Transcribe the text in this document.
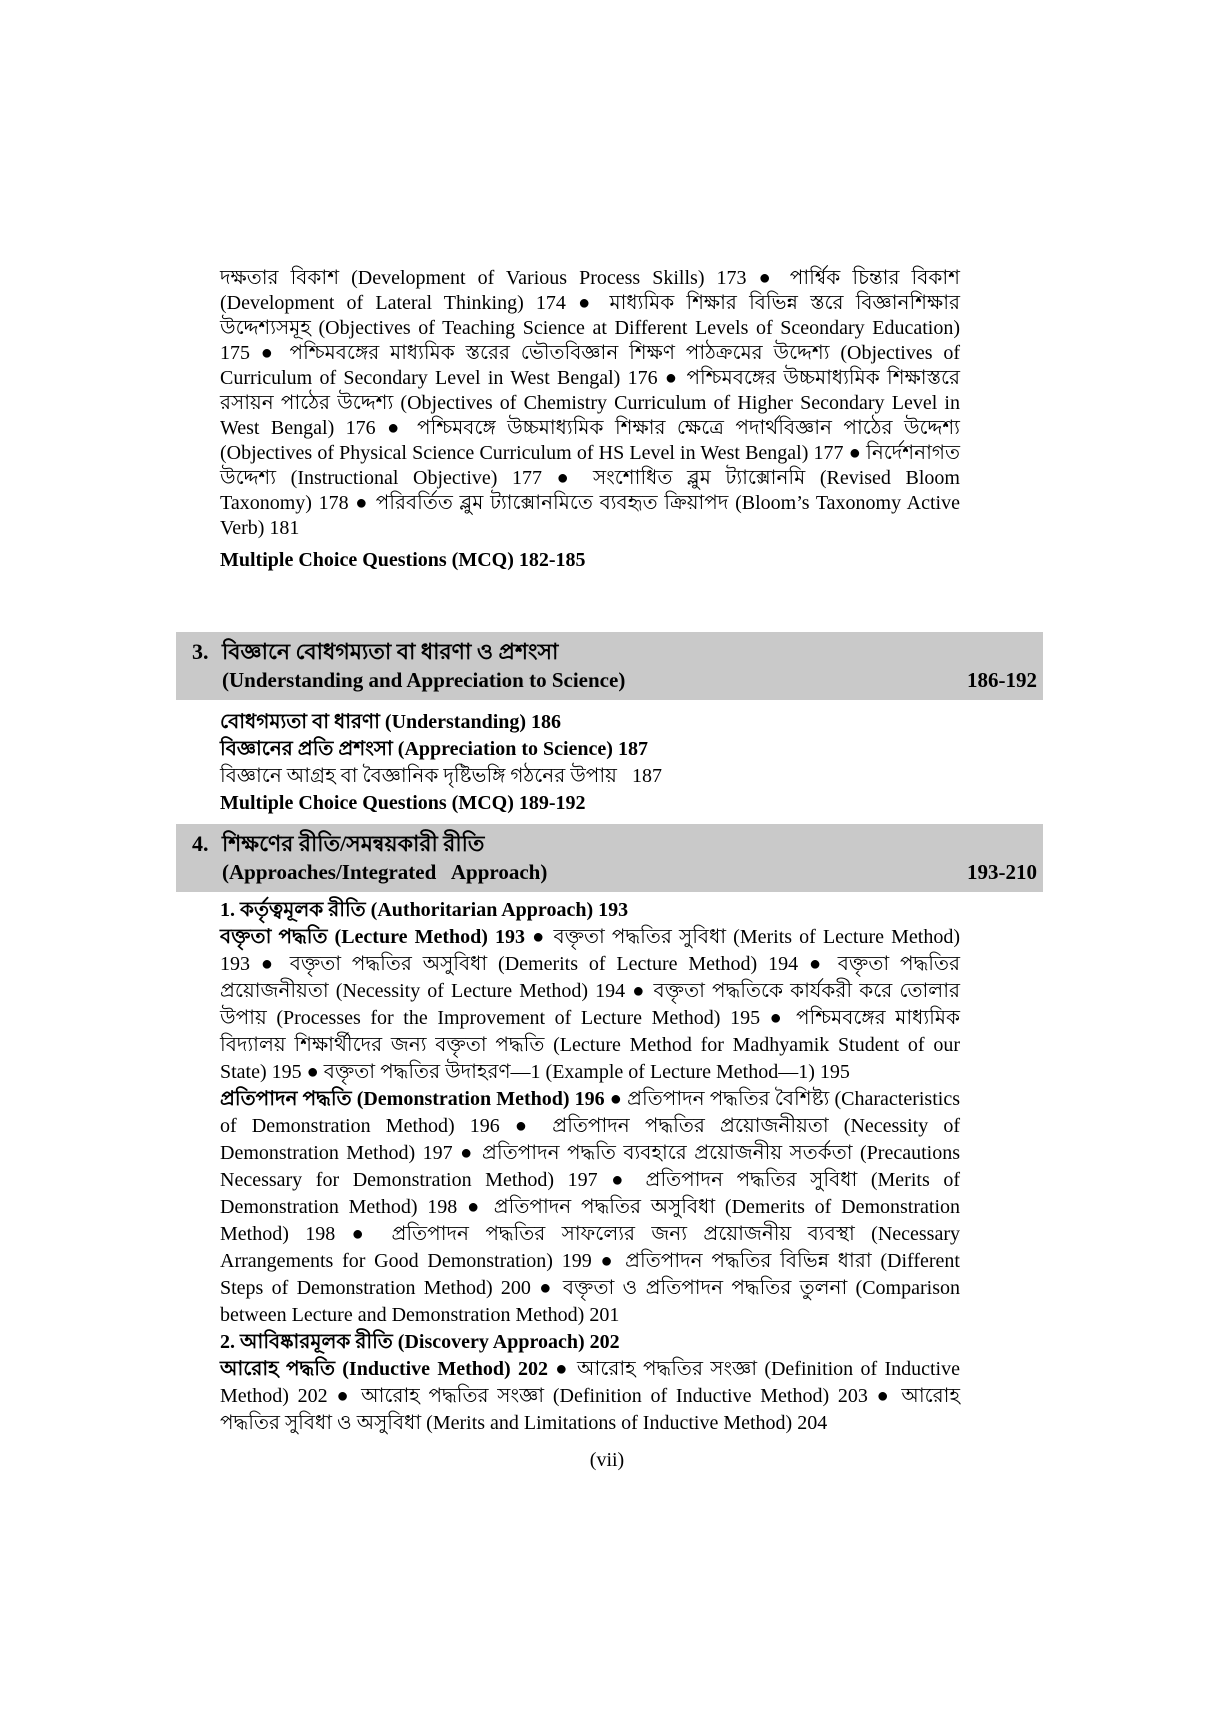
দক্ষতার বিকাশ (Development of Various Process Skills) 173 ● পার্শ্বিক চিন্তার বিকাশ (Development of Lateral Thinking) 174 ● মাধ্যমিক শিক্ষার বিভিন্ন স্তরে বিজ্ঞানশিক্ষার উদ্দেশ্যসমূহ (Objectives of Teaching Science at Different Levels of Sceondary Education) 175 ● পশ্চিমবঙ্গের মাধ্যমিক স্তরের ভৌতবিজ্ঞান শিক্ষণ পাঠক্রমের উদ্দেশ্য (Objectives of Curriculum of Secondary Level in West Bengal) 176 ● পশ্চিমবঙ্গের উচ্চমাধ্যমিক শিক্ষাস্তরে রসায়ন পাঠের উদ্দেশ্য (Objectives of Chemistry Curriculum of Higher Secondary Level in West Bengal) 176 ● পশ্চিমবঙ্গে উচ্চমাধ্যমিক শিক্ষার ক্ষেত্রে পদার্থবিজ্ঞান পাঠের উদ্দেশ্য (Objectives of Physical Science Curriculum of HS Level in West Bengal) 177 ● নির্দেশনাগত উদ্দেশ্য (Instructional Objective) 177 ● সংশোধিত ব্লুম ট্যাক্সোনমি (Revised Bloom Taxonomy) 178 ● পরিবর্তিত ব্লুম ট্যাক্সোনমিতে ব্যবহৃত ক্রিয়াপদ (Bloom’s Taxonomy Active Verb) 181

Multiple Choice Questions (MCQ) 182-185

3. বিজ্ঞানে বোধগম্যতা বা ধারণা ও প্রশংসা
(Understanding and Appreciation to Science)	186-192

বোধগম্যতা বা ধারণা (Understanding) 186

বিজ্ঞানের প্রতি প্রশংসা (Appreciation to Science) 187

বিজ্ঞানে আগ্রহ বা বৈজ্ঞানিক দৃষ্টিভঙ্গি গঠনের উপায়   187

Multiple Choice Questions (MCQ) 189-192

4. শিক্ষণের রীতি/সমন্বয়কারী রীতি
(Approaches/Integrated   Approach)	193-210

1. কর্তৃত্বমূলক রীতি (Authoritarian Approach) 193

বক্তৃতা পদ্ধতি (Lecture Method) 193 ● বক্তৃতা পদ্ধতির সুবিধা (Merits of Lecture Method) 193 ● বক্তৃতা পদ্ধতির অসুবিধা (Demerits of Lecture Method) 194 ● বক্তৃতা পদ্ধতির প্রয়োজনীয়তা (Necessity of Lecture Method) 194 ● বক্তৃতা পদ্ধতিকে কার্যকরী করে তোলার উপায় (Processes for the Improvement of Lecture Method) 195 ● পশ্চিমবঙ্গের মাধ্যমিক বিদ্যালয় শিক্ষার্থীদের জন্য বক্তৃতা পদ্ধতি (Lecture Method for Madhyamik Student of our State) 195 ● বক্তৃতা পদ্ধতির উদাহরণ—1 (Example of Lecture Method—1) 195

প্রতিপাদন পদ্ধতি (Demonstration Method) 196 ● প্রতিপাদন পদ্ধতির বৈশিষ্ট্য (Characteristics of Demonstration Method) 196 ● প্রতিপাদন পদ্ধতির প্রয়োজনীয়তা (Necessity of Demonstration Method) 197 ● প্রতিপাদন পদ্ধতি ব্যবহারে প্রয়োজনীয় সতর্কতা (Precautions Necessary for Demonstration Method) 197 ● প্রতিপাদন পদ্ধতির সুবিধা (Merits of Demonstration Method) 198 ● প্রতিপাদন পদ্ধতির অসুবিধা (Demerits of Demonstration Method) 198 ● প্রতিপাদন পদ্ধতির সাফল্যের জন্য প্রয়োজনীয় ব্যবস্থা (Necessary Arrangements for Good Demonstration) 199 ● প্রতিপাদন পদ্ধতির বিভিন্ন ধারা (Different Steps of Demonstration Method) 200 ● বক্তৃতা ও প্রতিপাদন পদ্ধতির তুলনা (Comparison between Lecture and Demonstration Method) 201

2. আবিষ্কারমূলক রীতি (Discovery Approach) 202

আরোহ পদ্ধতি (Inductive Method) 202 ● আরোহ পদ্ধতির সংজ্ঞা (Definition of Inductive Method) 202 ● আরোহ পদ্ধতির সংজ্ঞা (Definition of Inductive Method) 203 ● আরোহ পদ্ধতির সুবিধা ও অসুবিধা (Merits and Limitations of Inductive Method) 204

(vii)
